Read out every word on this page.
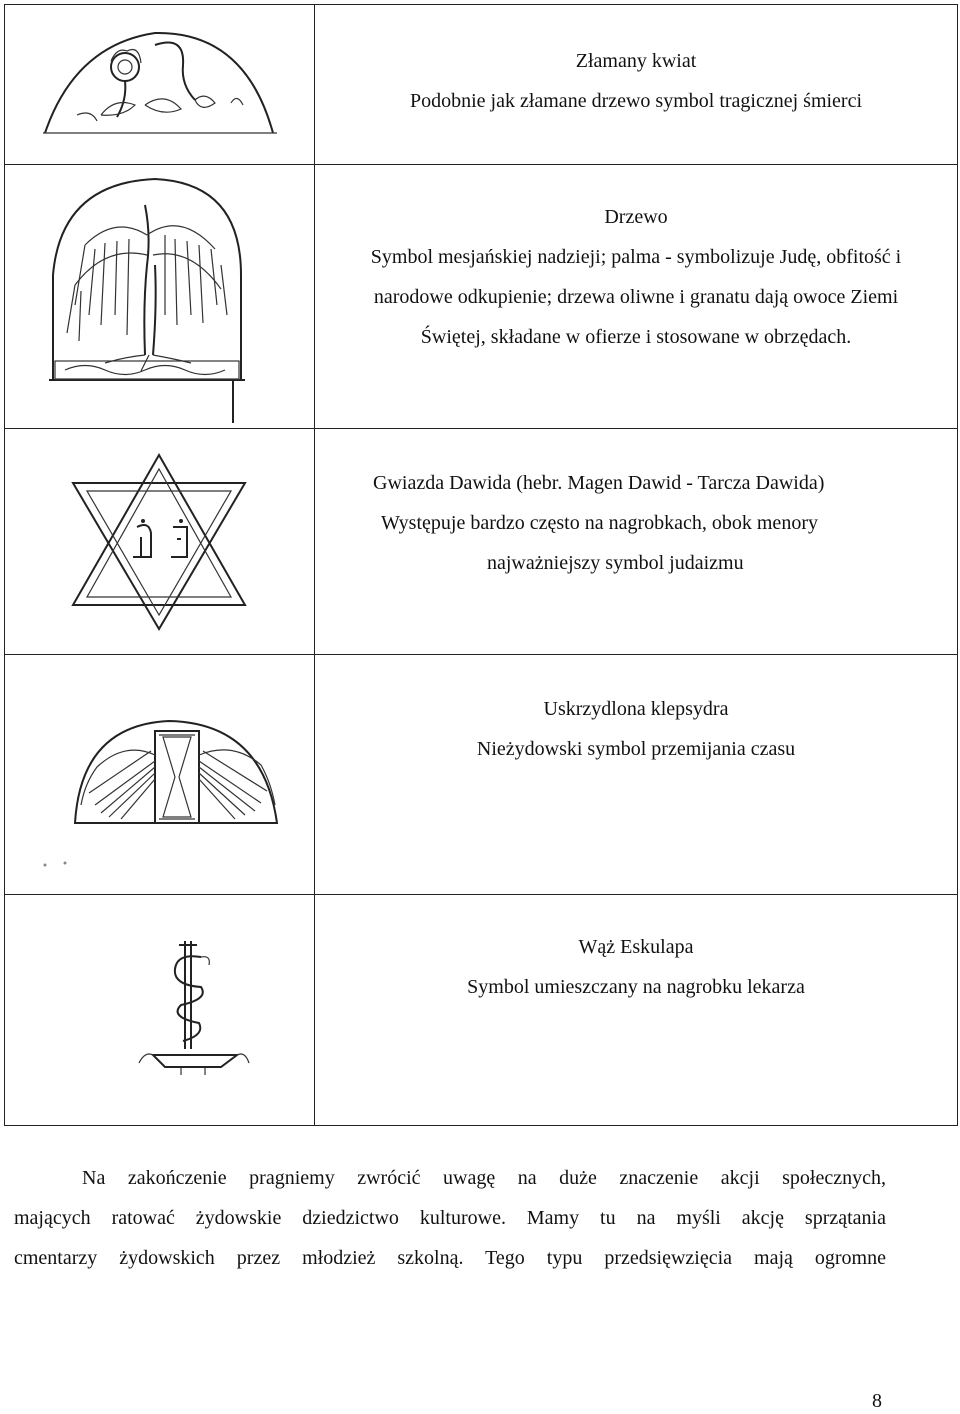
Złamany kwiat
Podobnie jak złamane drzewo symbol tragicznej śmierci
Drzewo
Symbol mesjańskiej nadzieji; palma - symbolizuje Judę, obfitość i
narodowe odkupienie; drzewa oliwne i granatu dają owoce Ziemi
Świętej, składane w ofierze i stosowane w obrzędach.
Gwiazda Dawida (hebr. Magen Dawid - Tarcza Dawida)
Występuje bardzo często na nagrobkach, obok menory
najważniejszy symbol judaizmu
Uskrzydlona klepsydra
Nieżydowski symbol przemijania czasu
Wąż Eskulapa
Symbol umieszczany na nagrobku lekarza
Na zakończenie pragniemy zwrócić uwagę na duże znaczenie akcji społecznych,
mających ratować żydowskie dziedzictwo kulturowe. Mamy tu na myśli akcję sprzątania
cmentarzy żydowskich przez młodzież szkolną. Tego typu przedsięwzięcia mają ogromne
8
